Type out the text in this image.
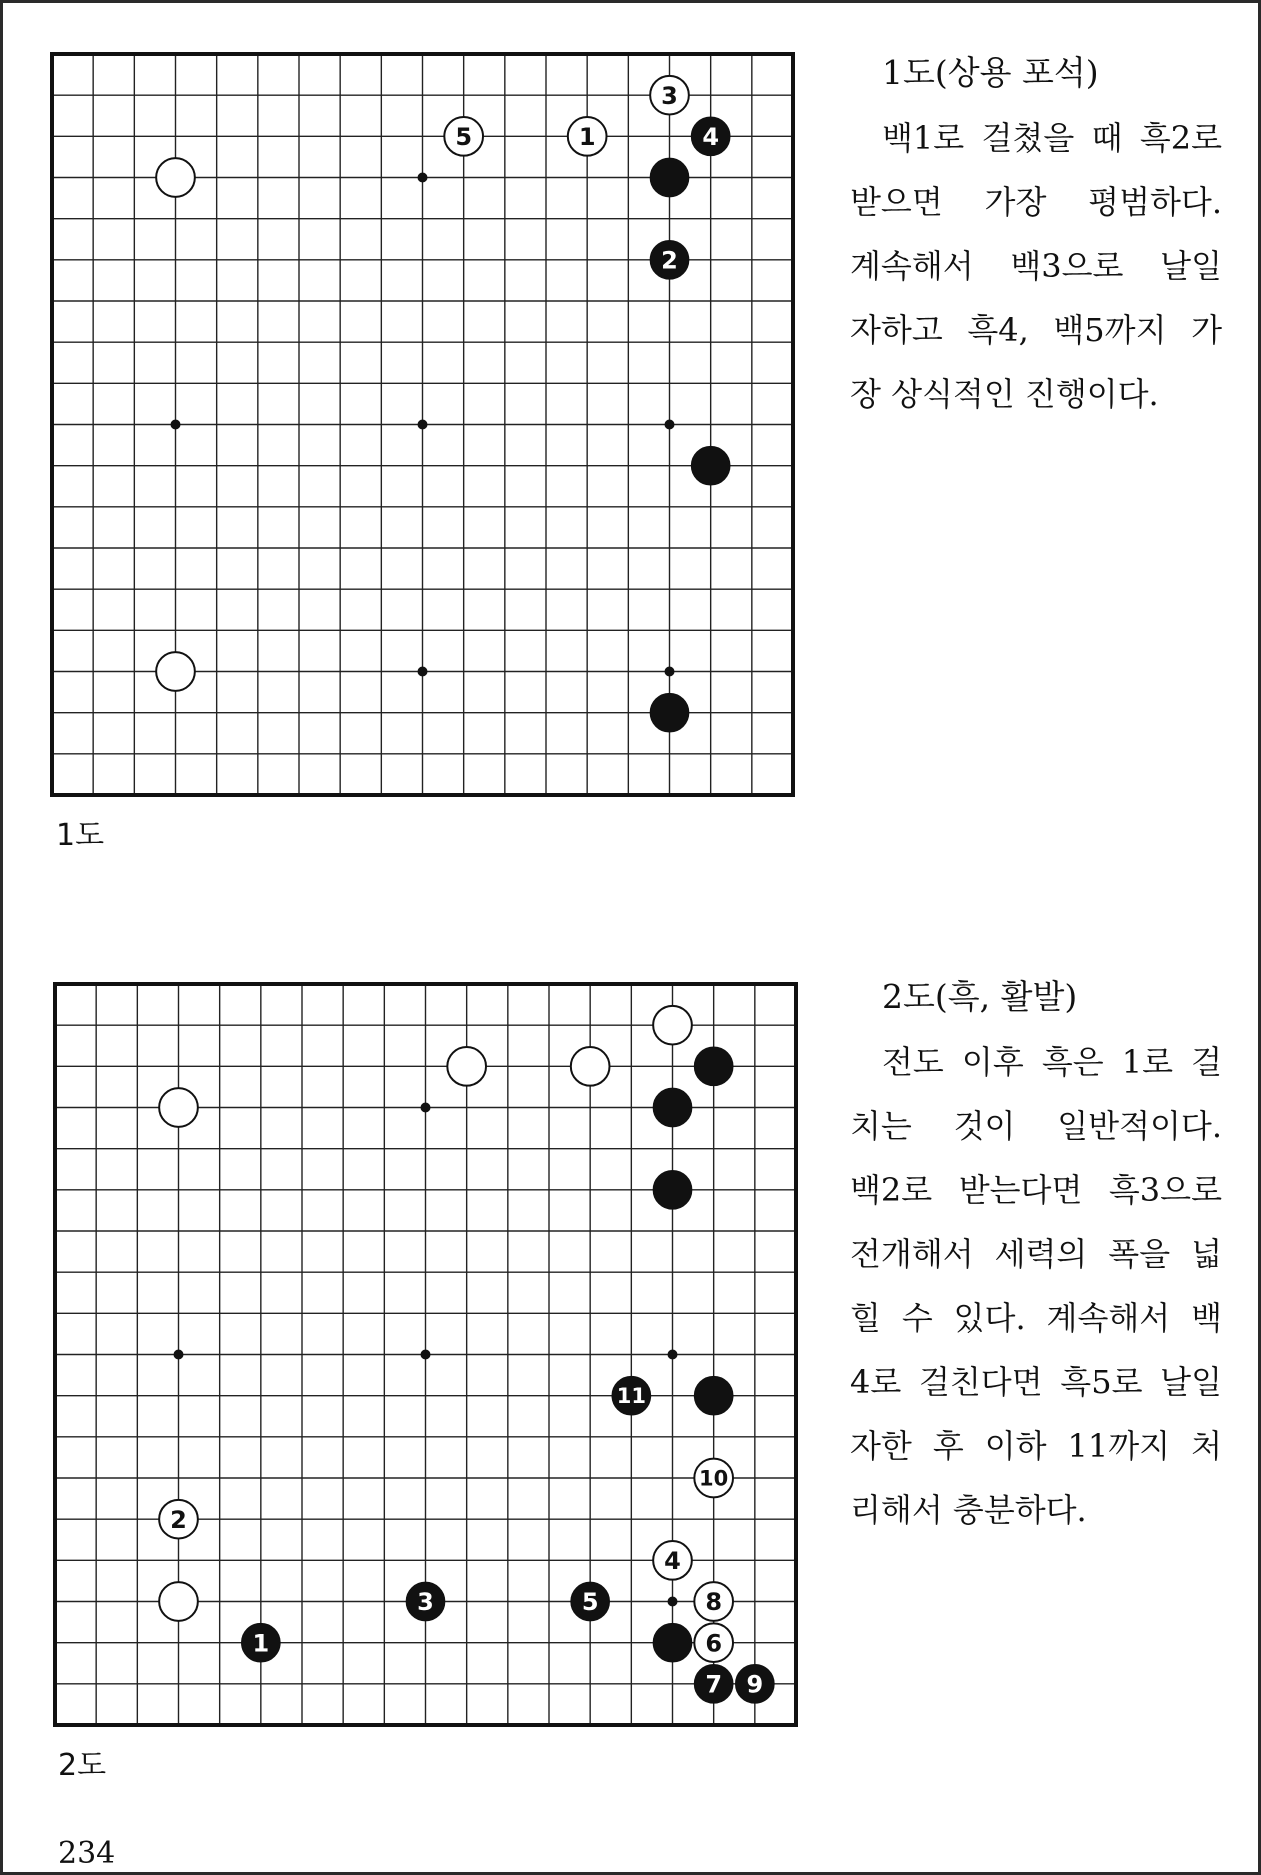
1
2
3
4
5
1도
1도(상용 포석)
백1로 걸쳤을 때 흑2로
받으면 가장 평범하다.
계속해서 백3으로 날일
자하고 흑4, 백5까지 가
장 상식적인 진행이다.
1
2
3
4
5
6
7
8
9
10
11
2도
2도(흑, 활발)
전도 이후 흑은 1로 걸
치는 것이 일반적이다.
백2로 받는다면 흑3으로
전개해서 세력의 폭을 넓
힐 수 있다. 계속해서 백
4로 걸친다면 흑5로 날일
자한 후 이하 11까지 처
리해서 충분하다.
234
